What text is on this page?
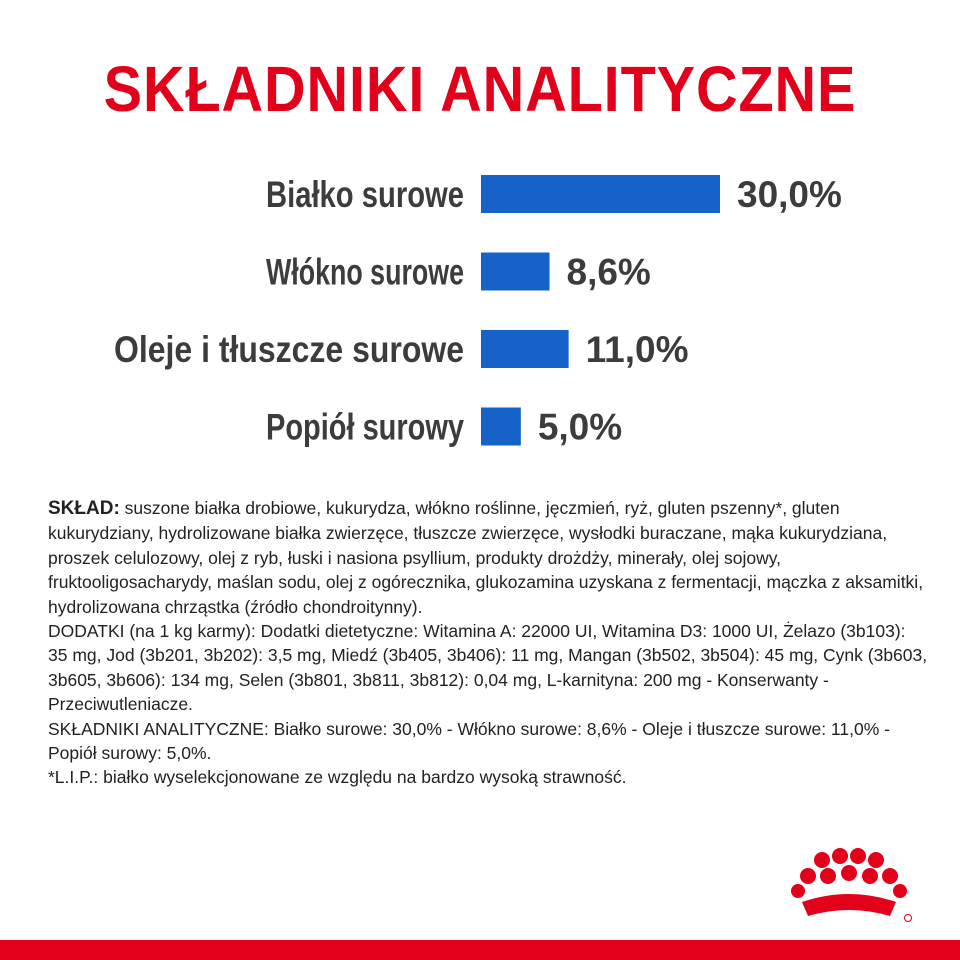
SKŁADNIKI ANALITYCZNE
Białko surowe	30,0%
Włókno surowe	8,6%
Oleje i tłuszcze surowe	11,0%
Popiół surowy 5,0%

SKŁAD: suszone białka drobiowe, kukurydza, włókno roślinne, jęczmień, ryż, gluten pszenny*, gluten kukurydziany, hydrolizowane białka zwierzęce, tłuszcze zwierzęce, wysłodki buraczane, mąka kukurydziana, proszek celulozowy, olej z ryb, łuski i nasiona psyllium, produkty drożdży, minerały, olej sojowy, fruktooligosacharydy, maślan sodu, olej z ogórecznika, glukozamina uzyskana z fermentacji, mączka z aksamitki, hydrolizowana chrząstka (źródło chondroitynny).

DODATKI (na 1 kg karmy): Dodatki dietetyczne: Witamina A: 22000 UI, Witamina D3: 1000 UI, Żelazo (3b103): 35 mg, Jod (3b201, 3b202): 3,5 mg, Miedź (3b405, 3b406): 11 mg, Mangan (3b502, 3b504): 45 mg, Cynk (3b603, 3b605, 3b606): 134 mg, Selen (3b801, 3b811, 3b812): 0,04 mg, L-karnityna: 200 mg - Konserwanty - Przeciwutleniacze.

SKŁADNIKI ANALITYCZNE: Białko surowe: 30,0% - Włókno surowe: 8,6% - Oleje i tłuszcze surowe: 11,0% - Popiół surowy: 5,0%.

*L.I.P.: białko wyselekcjonowane ze względu na bardzo wysoką strawność.
